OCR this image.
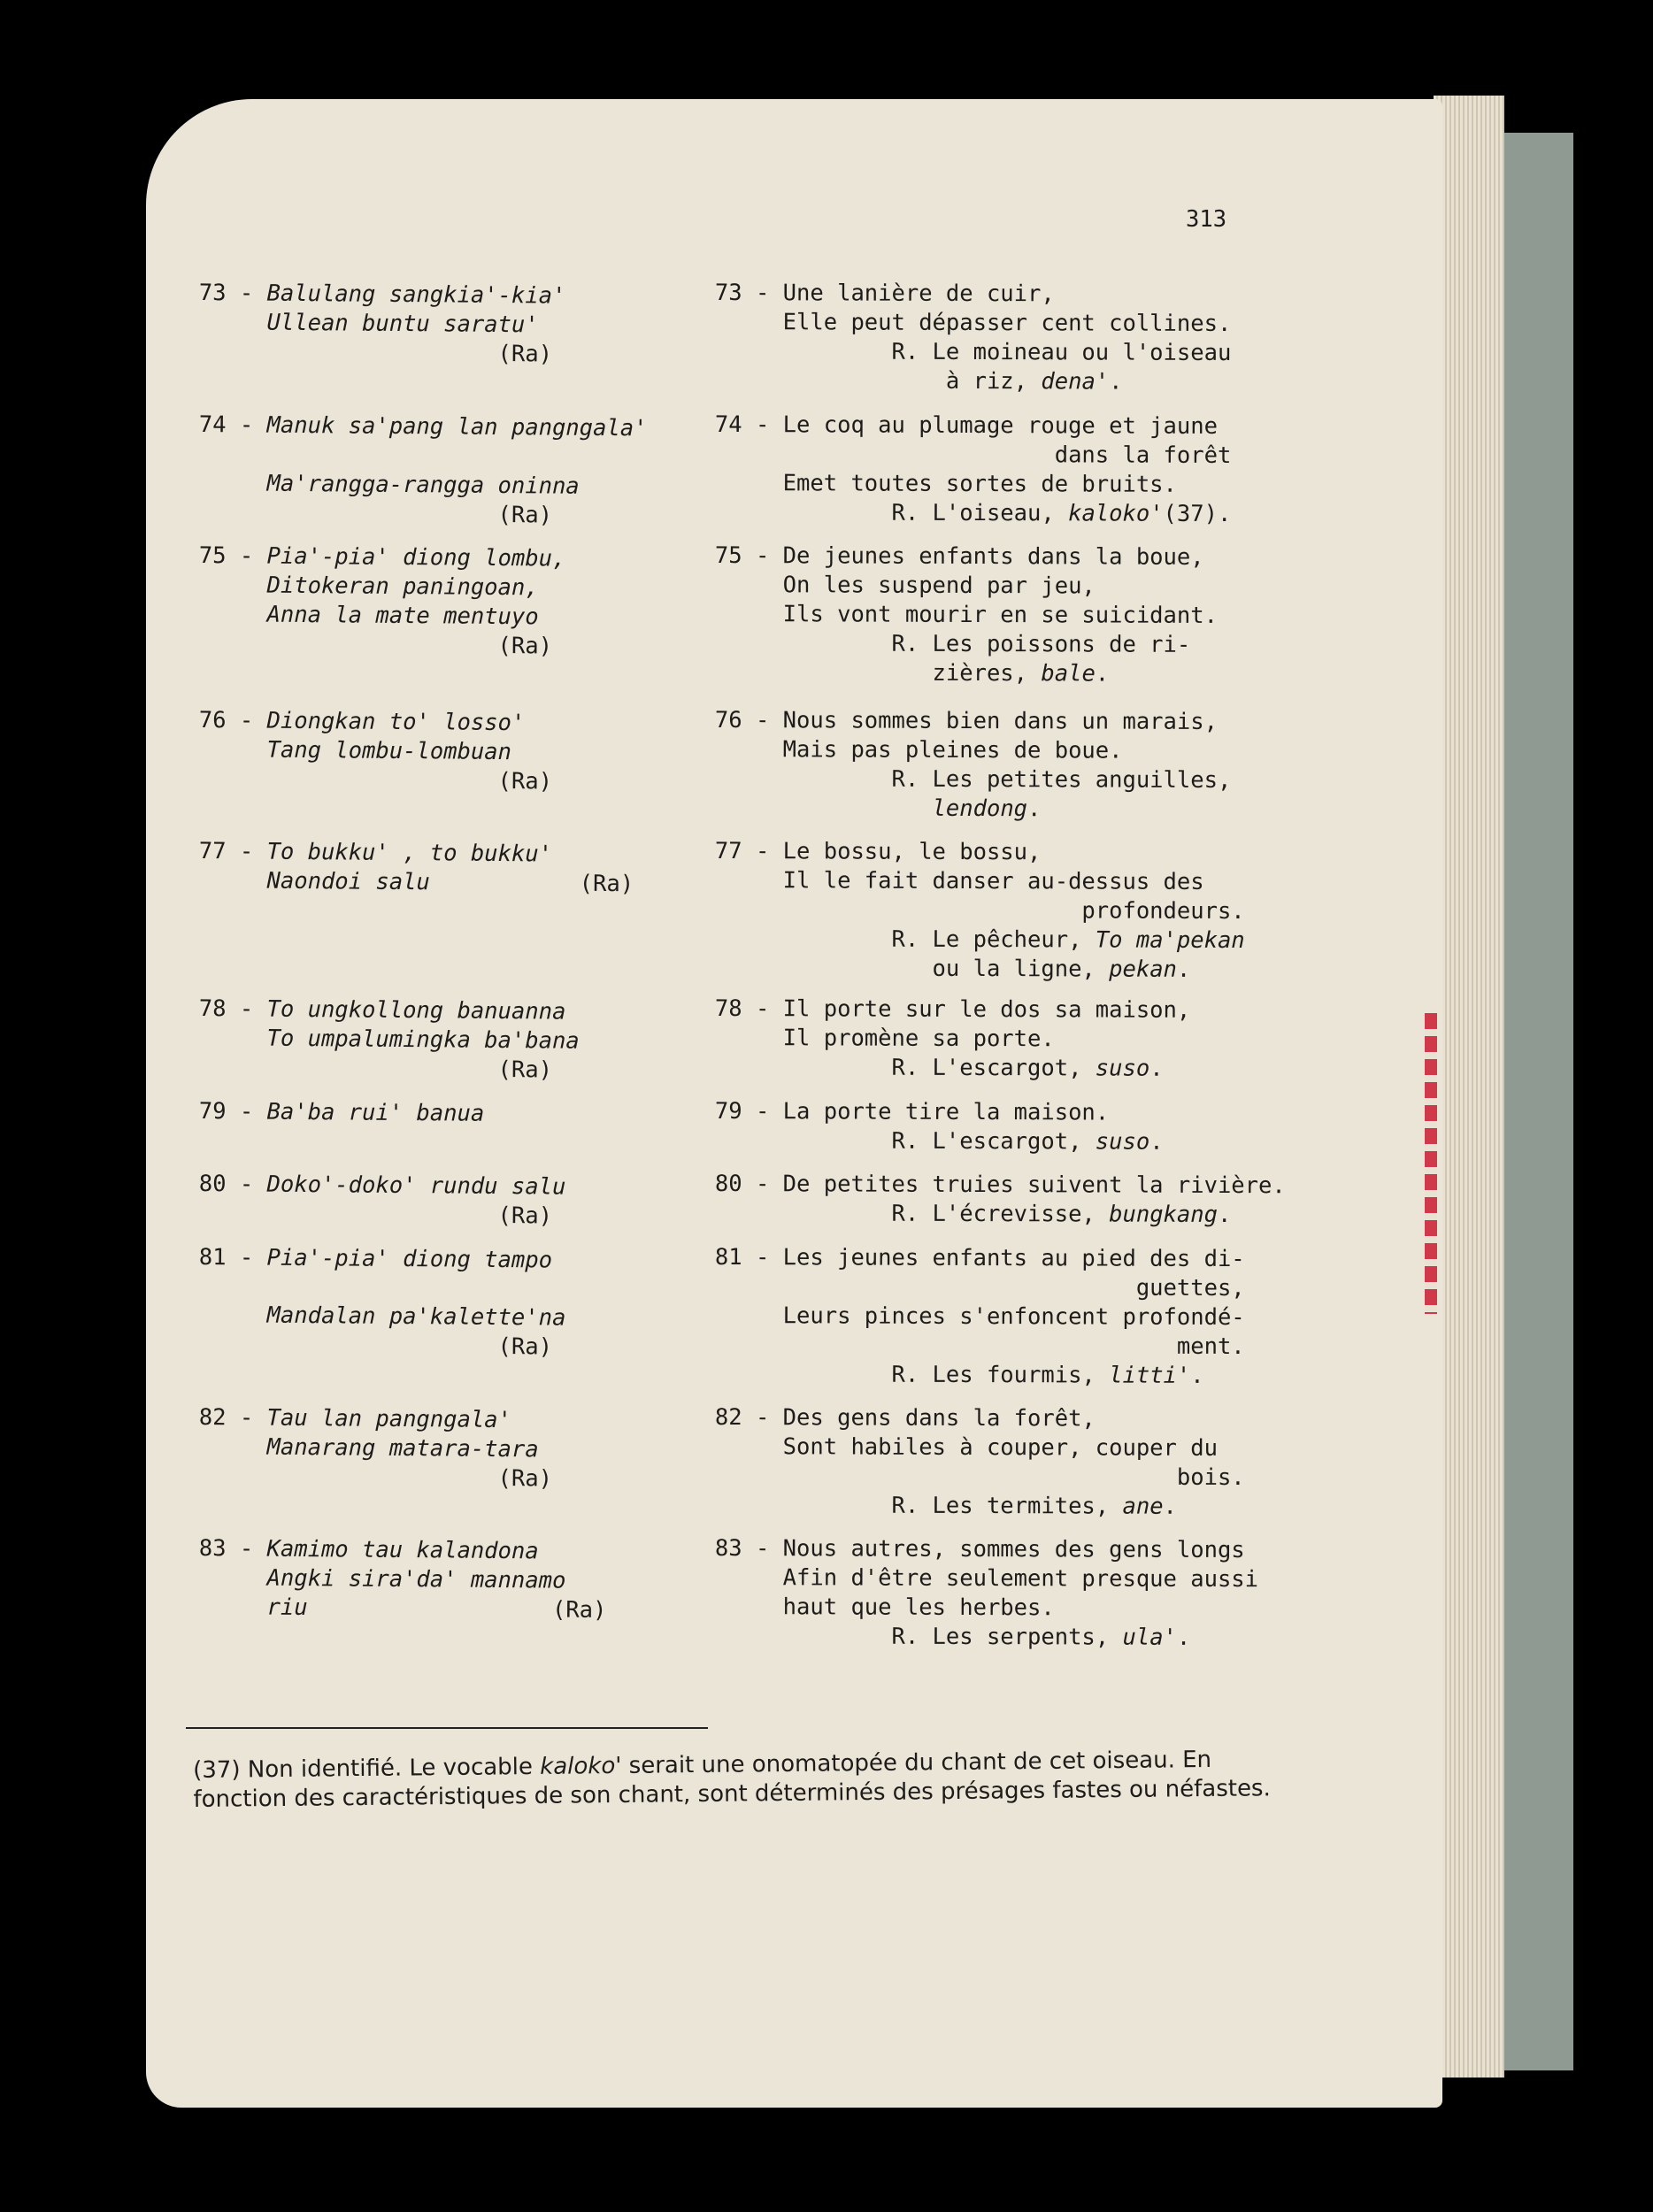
313
73 - Balulang sangkia'-kia'
Ullean buntu saratu'
(Ra)
74 - Manuk sa'pang lan pangngala'
Ma'rangga-rangga oninna
(Ra)
75 - Pia'-pia' diong lombu,
Ditokeran paningoan,
Anna la mate mentuyo
(Ra)
76 - Diongkan to' losso'
Tang lombu-lombuan
(Ra)
77 - To bukku' , to bukku'
Naondoi salu           (Ra)
78 - To ungkollong banuanna
To umpalumingka ba'bana
(Ra)
79 - Ba'ba rui' banua
80 - Doko'-doko' rundu salu
(Ra)
81 - Pia'-pia' diong tampo
Mandalan pa'kalette'na
(Ra)
82 - Tau lan pangngala'
Manarang matara-tara
(Ra)
83 - Kamimo tau kalandona
Angki sira'da' mannamo
riu                  (Ra)
73 - Une lanière de cuir,
Elle peut dépasser cent collines.
R. Le moineau ou l'oiseau
à riz, dena'.
74 - Le coq au plumage rouge et jaune
dans la forêt
Emet toutes sortes de bruits.
R. L'oiseau, kaloko'(37).
75 - De jeunes enfants dans la boue,
On les suspend par jeu,
Ils vont mourir en se suicidant.
R. Les poissons de ri-
zières, bale.
76 - Nous sommes bien dans un marais,
Mais pas pleines de boue.
R. Les petites anguilles,
lendong.
77 - Le bossu, le bossu,
Il le fait danser au-dessus des
profondeurs.
R. Le pêcheur, To ma'pekan
ou la ligne, pekan.
78 - Il porte sur le dos sa maison,
Il promène sa porte.
R. L'escargot, suso.
79 - La porte tire la maison.
R. L'escargot, suso.
80 - De petites truies suivent la rivière.
R. L'écrevisse, bungkang.
81 - Les jeunes enfants au pied des di-
guettes,
Leurs pinces s'enfoncent profondé-
ment.
R. Les fourmis, litti'.
82 - Des gens dans la forêt,
Sont habiles à couper, couper du
bois.
R. Les termites, ane.
83 - Nous autres, sommes des gens longs
Afin d'être seulement presque aussi
haut que les herbes.
R. Les serpents, ula'.
(37) Non identifié. Le vocable kaloko' serait une onomatopée du chant de cet oiseau. En fonction des caractéristiques de son chant, sont déterminés des présages fastes ou néfastes.
